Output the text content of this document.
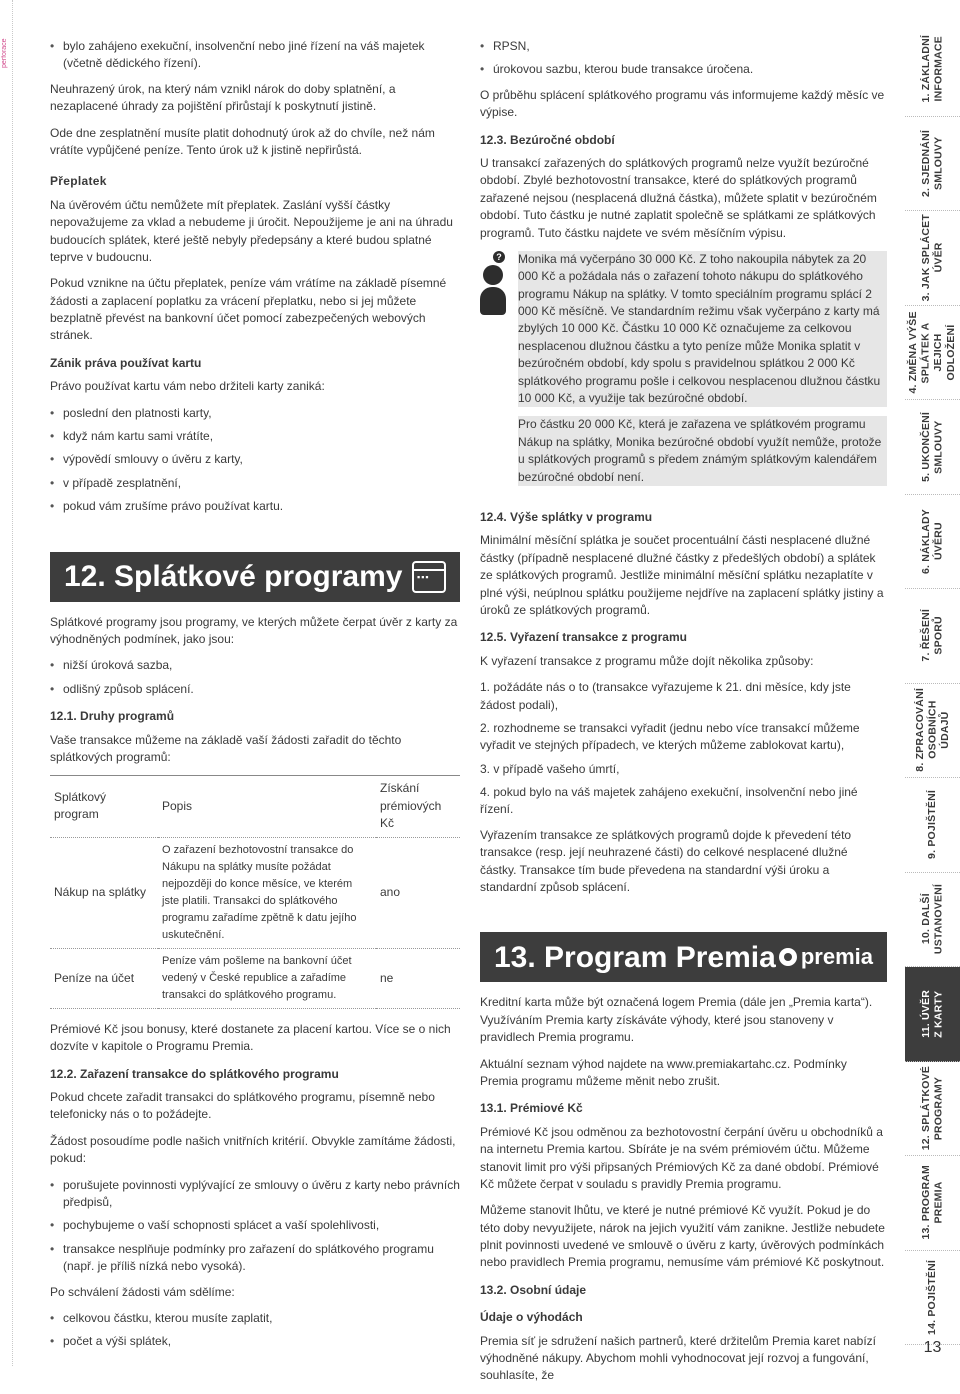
perforace	• bylo zahájeno exekuční, insolvenční nebo jiné řízení na váš majetek (včetně dědického řízení).

Neuhrazený úrok, na který nám vznikl nárok do doby splatnění, a nezaplacené úhrady za pojištění přirůstají k poskytnutí jistině.

Ode dne zesplatnění musíte platit dohodnutý úrok až do chvíle, než nám vrátíte vypůjčené peníze. Tento úrok už k jistině nepřirůstá.

Přeplatek

Na úvěrovém účtu nemůžete mít přeplatek. Zaslání vyšší částky nepovažujeme za vklad a nebudeme ji úročit. Nepoužijeme je ani na úhradu budoucích splátek, které ještě nebyly předepsány a které budou splatné teprve v budoucnu.

Pokud vznikne na účtu přeplatek, peníze vám vrátíme na základě písemné žádosti a zaplacení poplatku za vrácení přeplatku, nebo si jej můžete bezplatně převést na bankovní účet pomocí zabezpečených webových stránek.

Zánik práva používat kartu

Právo používat kartu vám nebo držiteli karty zaniká:

• poslední den platnosti karty,
• když nám kartu sami vrátíte,
• výpovědí smlouvy o úvěru z karty,
• v případě zesplatnění,
• pokud vám zrušíme právo používat kartu.
12. Splátkové programy
▪▪▪

Splátkové programy jsou programy, ve kterých můžete čerpat úvěr z karty za výhodněných podmínek, jako jsou:

• nižší úroková sazba,
• odlišný způsob splácení.
12.1. Druhy programů

Vaše transakce můžeme na základě vaší žádosti zařadit do těchto splátkových programů:

Splátkový program	Popis	Získání prémiových Kč
Nákup na splátky	O zařazení bezhotovostní transakce do Nákupu na splátky musíte požádat nejpozději do konce měsíce, ve kterém jste platili. Transakci do splátkového programu zařadíme zpětně k datu jejího uskutečnění.	ano
Peníze na účet	Peníze vám pošleme na bankovní účet vedený v České republice a zařadíme transakci do splátkového programu.	ne

Prémiové Kč jsou bonusy, které dostanete za placení kartou. Více se o nich dozvíte v kapitole o Programu Premia.

12.2. Zařazení transakce do splátkového programu

Pokud chcete zařadit transakci do splátkového programu, písemně nebo telefonicky nás o to požádejte.

Žádost posoudíme podle našich vnitřních kritérií. Obvykle zamítáme žádosti, pokud:

• porušujete povinnosti vyplývající ze smlouvy o úvěru z karty nebo právních předpisů,
• pochybujeme o vaší schopnosti splácet a vaší spolehlivosti,
• transakce nesplňuje podmínky pro zařazení do splátkového programu (např. je příliš nízká nebo vysoká).

Po schválení žádosti vám sdělíme:

• celkovou částku, kterou musíte zaplatit,
• počet a výši splátek,
• RPSN,
• úrokovou sazbu, kterou bude transakce úročena.

O průběhu splácení splátkového programu vás informujeme každý měsíc ve výpise.

12.3. Bezúročné období

U transakcí zařazených do splátkových programů nelze využít bezúročné období. Zbylé bezhotovostní transakce, které do splátkových programů zařazené nejsou (nesplacená dlužná částka), můžete splatit v bezúročném období. Tuto částku je nutné zaplatit společně se splátkami ze splátkových programů. Tuto částku najdete ve svém měsíčním výpisu.

? Monika má vyčerpáno 30 000 Kč. Z toho nakoupila nábytek za 20 000 Kč a požádala nás o zařazení tohoto nákupu do splátkového programu Nákup na splátky. V tomto speciálním programu splácí 2 000 Kč měsíčně. Ve standardním režimu však vyčerpáno z karty má zbylých 10 000 Kč. Částku 10 000 Kč označujeme za celkovou nesplacenou dlužnou částku a tyto peníze může Monika splatit v bezúročném období, kdy spolu s pravidelnou splátkou 2 000 Kč splátkového programu pošle i celkovou nesplacenou dlužnou částku 10 000 Kč, a využije tak bezúročné období.

Pro částku 20 000 Kč, která je zařazena ve splátkovém programu Nákup na splátky, Monika bezúročné období využít nemůže, protože u splátkových programů s předem známým splátkovým kalendářem bezúročné období není.

12.4. Výše splátky v programu

Minimální měsíční splátka je součet procentuální části nesplacené dlužné částky (případně nesplacené dlužné částky z předešlých období) a splátek ze splátkových programů. Jestliže minimální měsíční splátku nezaplatíte v plné výši, neúplnou splátku použijeme nejdříve na zaplacení splátky jistiny a úroků ze splátkových programů.

12.5. Vyřazení transakce z programu

K vyřazení transakce z programu může dojít několika způsoby:

1. požádáte nás o to (transakce vyřazujeme k 21. dni měsíce, kdy jste žádost podali),
2. rozhodneme se transakci vyřadit (jednu nebo více transakcí můžeme vyřadit ve stejných případech, ve kterých můžeme zablokovat kartu),
3. v případě vašeho úmrtí,
4. pokud bylo na váš majetek zahájeno exekuční, insolvenční nebo jiné řízení.

Vyřazením transakce ze splátkových programů dojde k převedení této transakce (resp. její neuhrazené části) do celkové nesplacené dlužné částky. Transakce tím bude převedena na standardní výši úroku a standardní způsob splácení.

13. Program Premia premia

Kreditní karta může být označená logem Premia (dále jen „Premia karta“). Využíváním Premia karty získáváte výhody, které jsou stanoveny v pravidlech Premia programu.

Aktuální seznam výhod najdete na www.premiakartahc.cz. Podmínky Premia programu můžeme měnit nebo zrušit.

13.1. Prémiové Kč

Prémiové Kč jsou odměnou za bezhotovostní čerpání úvěru u obchodníků a na internetu Premia kartou. Sbíráte je na svém prémiovém účtu. Můžeme stanovit limit pro výši připsaných Prémiových Kč za dané období. Prémiové Kč můžete čerpat v souladu s pravidly Premia programu.

Můžeme stanovit lhůtu, ve které je nutné prémiové Kč využít. Pokud je do této doby nevyužijete, nárok na jejich využití vám zanikne. Jestliže nebudete plnit povinnosti uvedené ve smlouvě o úvěru z karty, úvěrových podmínkách nebo pravidlech Premia programu, nemusíme vám prémiové Kč poskytnout.

13.2. Osobní údaje
Údaje o výhodách

Premia síť je sdružení našich partnerů, které držitelům Premia karet nabízí výhodněné nákupy. Abychom mohli vyhodnocovat její rozvoj a fungování, souhlasíte, že

1. ZÁKLADNÍ
INFORMACE
2. SJEDNÁNÍ
SMLOUVY
3. JAK SPLÁCET
ÚVĚR
4. ZMĚNA VÝŠE
SPLÁTEK A JEJICH
ODLOŽENÍ
5. UKONČENÍ
SMLOUVY
6. NÁKLADY
ÚVĚRU
7. ŘEŠENÍ
SPORŮ
8. ZPRACOVÁNÍ
OSOBNÍCH
ÚDAJŮ
9. POJIŠTĚNÍ
10. DALŠÍ
USTANOVENÍ
11. ÚVĚR
Z KARTY
12. SPLÁTKOVÉ
PROGRAMY
13. PROGRAM
PREMIA
14. POJIŠTĚNÍ
13
